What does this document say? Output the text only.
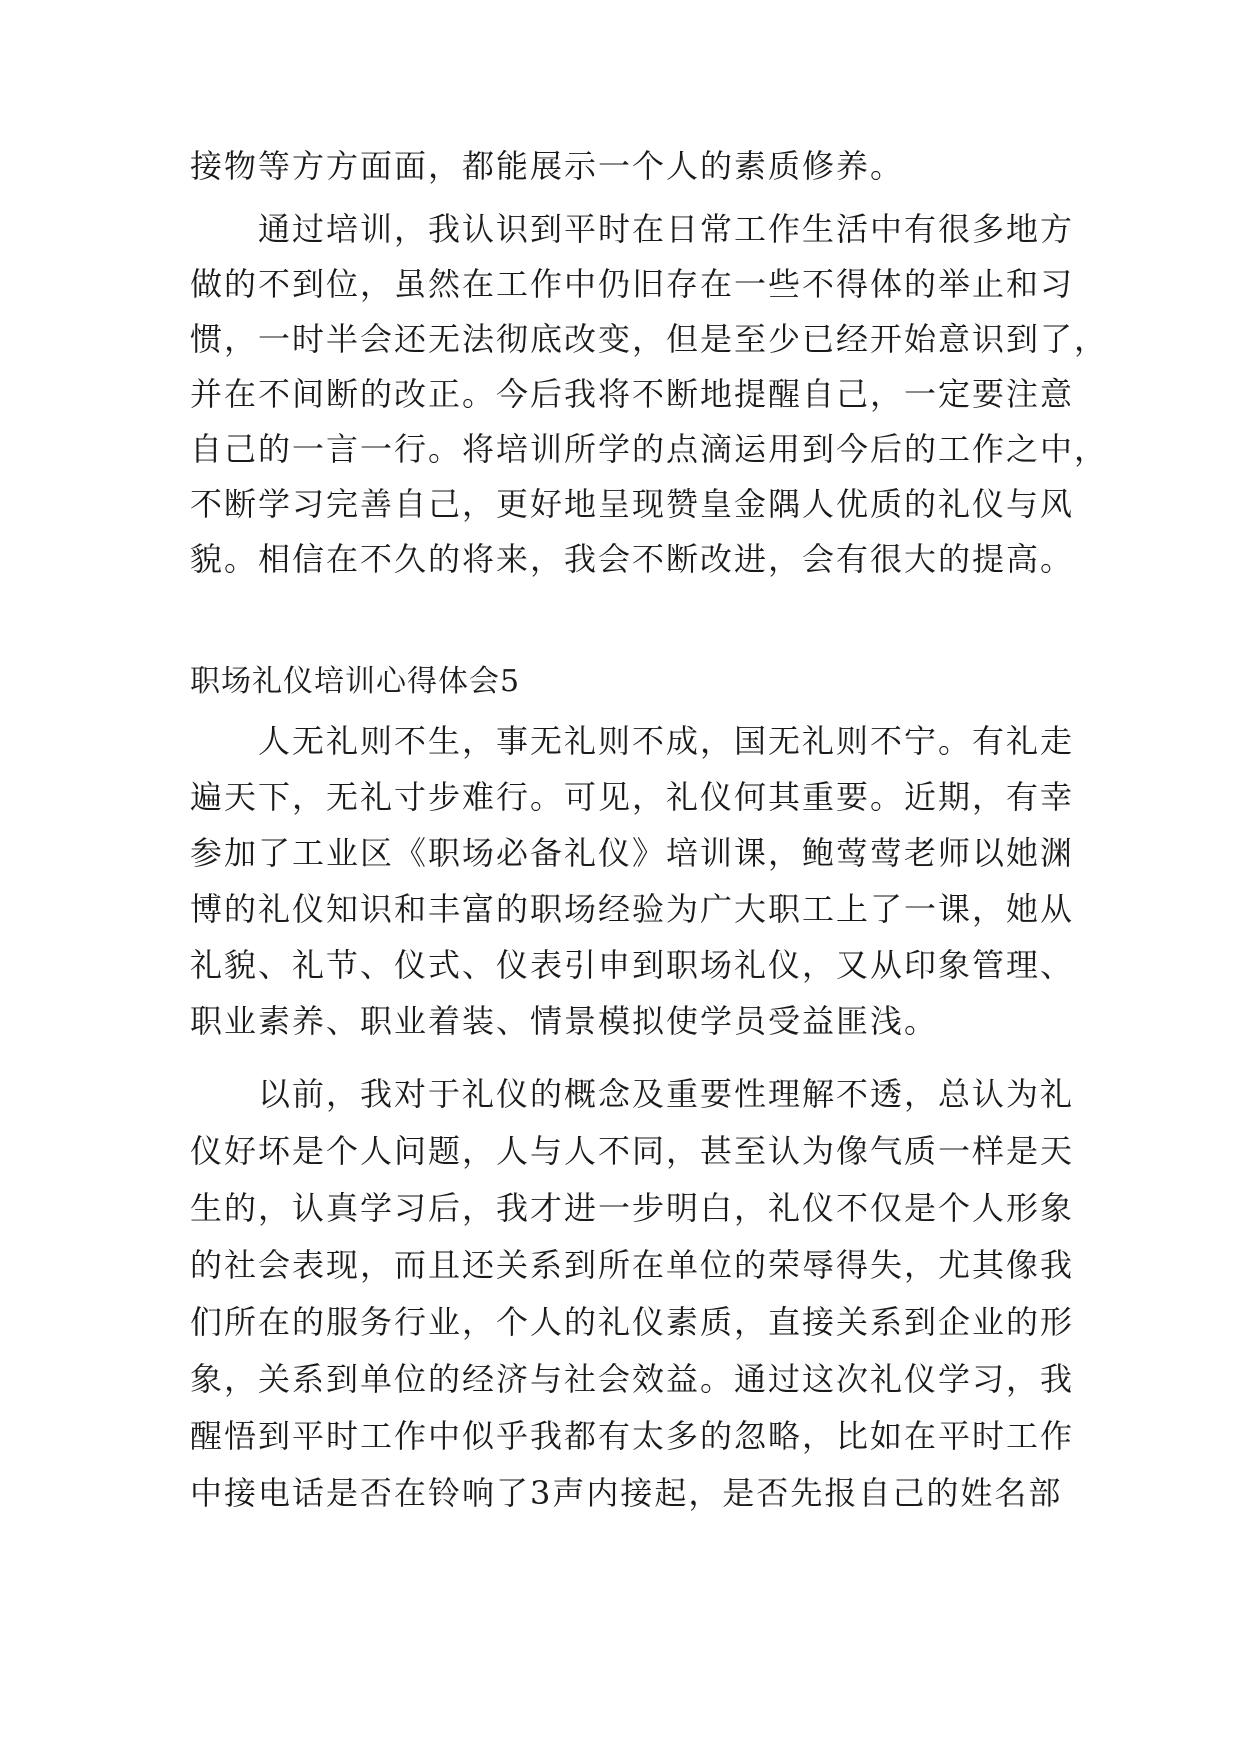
接物等方方面面，都能展示一个人的素质修养。
通过培训，我认识到平时在日常工作生活中有很多地方
做的不到位，虽然在工作中仍旧存在一些不得体的举止和习
惯，一时半会还无法彻底改变，但是至少已经开始意识到了，
并在不间断的改正。今后我将不断地提醒自己，一定要注意
自己的一言一行。将培训所学的点滴运用到今后的工作之中，
不断学习完善自己，更好地呈现赞皇金隅人优质的礼仪与风
貌。相信在不久的将来，我会不断改进，会有很大的提高。
职场礼仪培训心得体会5
人无礼则不生，事无礼则不成，国无礼则不宁。有礼走
遍天下，无礼寸步难行。可见，礼仪何其重要。近期，有幸
参加了工业区《职场必备礼仪》培训课，鲍莺莺老师以她渊
博的礼仪知识和丰富的职场经验为广大职工上了一课，她从
礼貌、礼节、仪式、仪表引申到职场礼仪，又从印象管理、
职业素养、职业着装、情景模拟使学员受益匪浅。
以前，我对于礼仪的概念及重要性理解不透，总认为礼
仪好坏是个人问题，人与人不同，甚至认为像气质一样是天
生的，认真学习后，我才进一步明白，礼仪不仅是个人形象
的社会表现，而且还关系到所在单位的荣辱得失，尤其像我
们所在的服务行业，个人的礼仪素质，直接关系到企业的形
象，关系到单位的经济与社会效益。通过这次礼仪学习，我
醒悟到平时工作中似乎我都有太多的忽略，比如在平时工作
中接电话是否在铃响了3声内接起，是否先报自己的姓名部
